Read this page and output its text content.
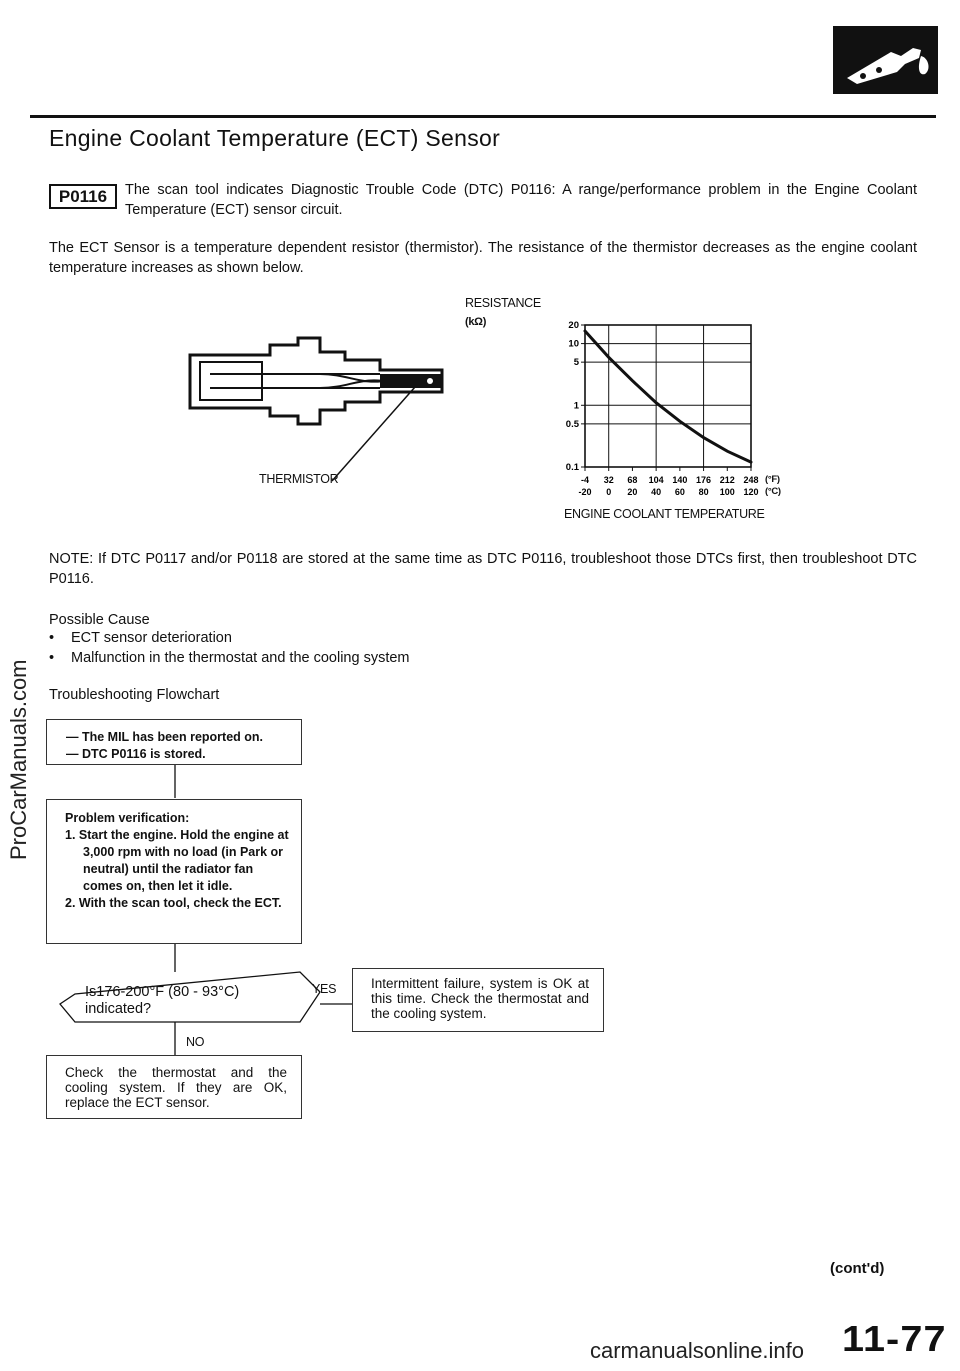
Engine Coolant Temperature (ECT) Sensor
P0116	The scan tool indicates Diagnostic Trouble Code (DTC) P0116: A range/performance problem in the Engine Coolant Temperature (ECT) sensor circuit.
The ECT Sensor is a temperature dependent resistor (thermistor). The resistance of the thermistor decreases as the engine coolant temperature increases as shown below.
THERMISTOR
RESISTANCE
(kΩ)	20
10
5
1
0.5
0.1
-4
-20
32
0
68
20
104
40
140
60
176
80
212
100
248
120
(°F)
(°C)
ENGINE COOLANT TEMPERATURE
NOTE: If DTC P0117 and/or P0118 are stored at the same time as DTC P0116, troubleshoot those DTCs first, then troubleshoot DTC P0116.
Possible Cause
• ECT sensor deterioration
• Malfunction in the thermostat and the cooling system
Troubleshooting Flowchart
— The MIL has been reported on.
— DTC P0116 is stored.
Problem verification:
1. Start the engine. Hold the engine at 3,000 rpm with no load (in Park or neutral) until the radiator fan comes on, then let it idle.
2. With the scan tool, check the ECT.
Is176-200°F (80 - 93°C) indicated?
YES
NO
Intermittent failure, system is OK at this time. Check the thermostat and the cooling system.
Check the thermostat and the cooling system. If they are OK, replace the ECT sensor.
ProCarManuals.com
(cont'd)
11-77
carmanualsonline.info
